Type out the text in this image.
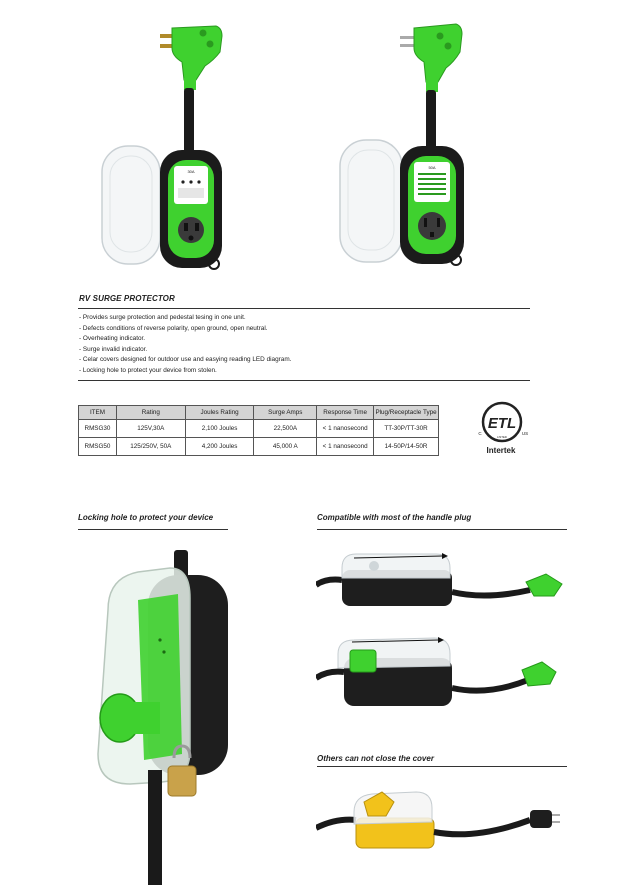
30A
50A
RV SURGE PROTECTOR
- Provides surge protection and pedestal tesing in one unit.
- Defects conditions of reverse polarity, open ground, open neutral.
- Overheating indicator.
- Surge invalid indicator.
- Celar covers designed for outdoor use and easying reading LED diagram.
- Locking hole to protect your device from stolen.
ITEM	Rating	Joules Rating	Surge Amps	Response Time	Plug/Receptacle Type
RMSG30	125V,30A	2,100 Joules	22,500A	< 1 nanosecond	TT-30P/TT-30R
RMSG50	125/250V, 50A	4,200 Joules	45,000 A	< 1 nanosecond	14-50P/14-50R
ETL
C	US
LISTED
Intertek
Locking hole to protect your device	Compatible with most of the handle plug
Others can not close the cover
